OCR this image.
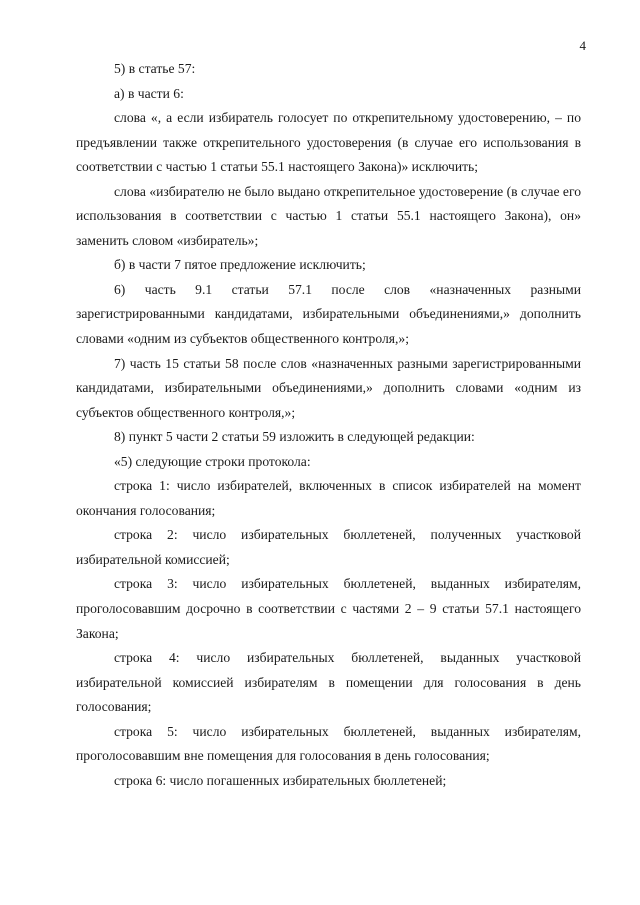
4

5) в статье 57:

а) в части 6:

слова «, а если избиратель голосует по открепительному удостоверению, – по предъявлении также открепительного удостоверения (в случае его использования в соответствии с частью 1 статьи 55.1 настоящего Закона)» исключить;

слова «избирателю не было выдано открепительное удостоверение (в случае его использования в соответствии с частью 1 статьи 55.1 настоящего Закона), он» заменить словом «избиратель»;

б) в части 7 пятое предложение исключить;

6) часть 9.1 статьи 57.1 после слов «назначенных разными зарегистрированными кандидатами, избирательными объединениями,» дополнить словами «одним из субъектов общественного контроля,»;

7) часть 15 статьи 58 после слов «назначенных разными зарегистрированными кандидатами, избирательными объединениями,» дополнить словами «одним из субъектов общественного контроля,»;

8) пункт 5 части 2 статьи 59 изложить в следующей редакции:

«5) следующие строки протокола:

строка 1: число избирателей, включенных в список избирателей на момент окончания голосования;

строка 2: число избирательных бюллетеней, полученных участковой избирательной комиссией;

строка 3: число избирательных бюллетеней, выданных избирателям, проголосовавшим досрочно в соответствии с частями 2 – 9 статьи 57.1 настоящего Закона;

строка 4: число избирательных бюллетеней, выданных участковой избирательной комиссией избирателям в помещении для голосования в день голосования;

строка 5: число избирательных бюллетеней, выданных избирателям, проголосовавшим вне помещения для голосования в день голосования;

строка 6: число погашенных избирательных бюллетеней;
